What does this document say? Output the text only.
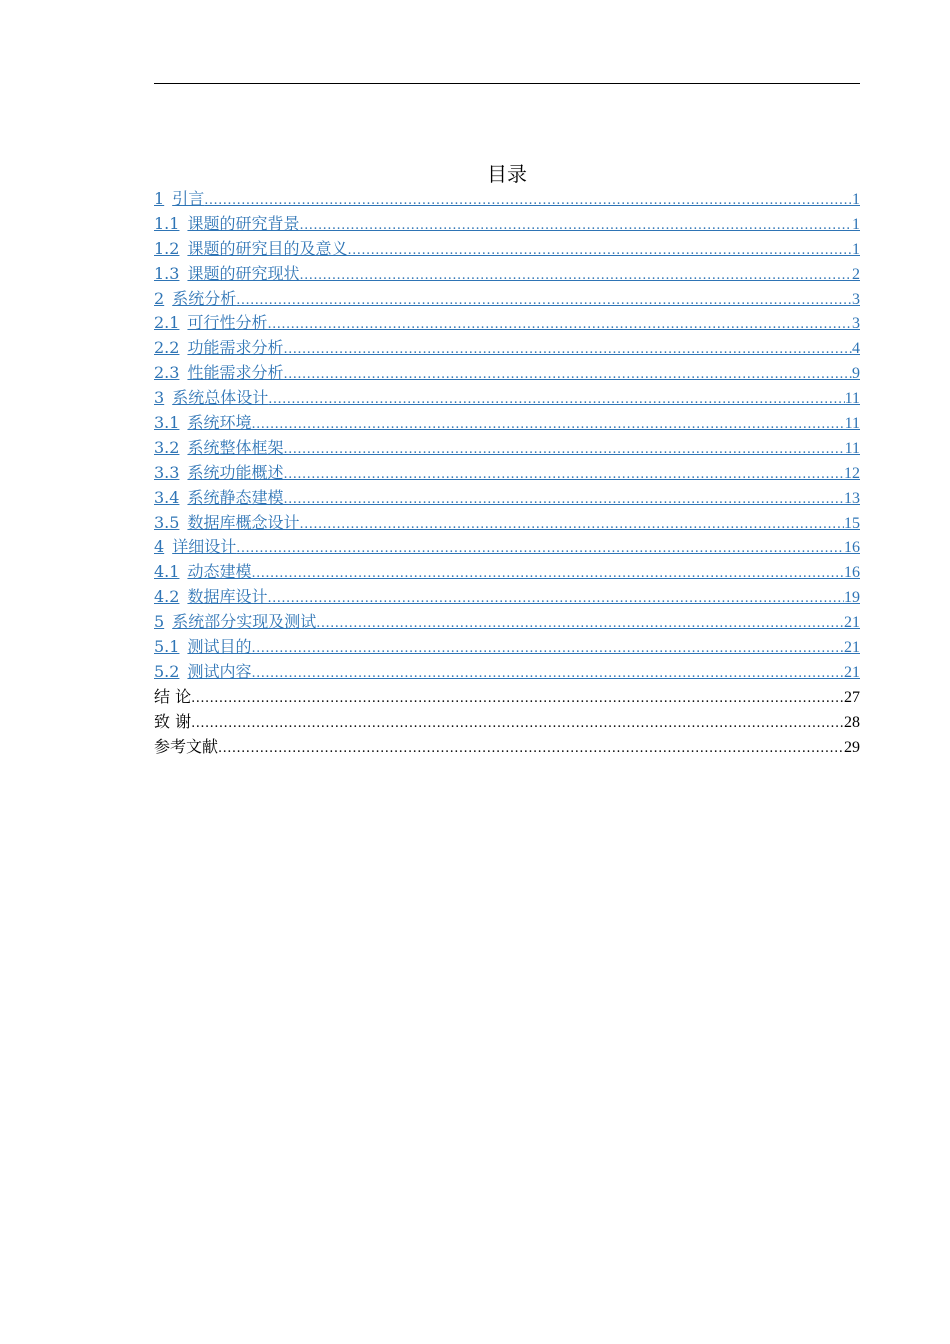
目录
1 引言 .....	1
1.1 课题的研究背景 .....	1
1.2 课题的研究目的及意义 .....	1
1.3 课题的研究现状 .....	2
2 系统分析 .....	3
2.1 可行性分析 .....	3
2.2 功能需求分析 .....	4
2.3 性能需求分析 .....	9
3 系统总体设计 .....	11
3.1 系统环境 .....	11
3.2 系统整体框架 .....	11
3.3 系统功能概述 .....	12
3.4 系统静态建模 .....	13
3.5 数据库概念设计 .....	15
4 详细设计 .....	16
4.1 动态建模 .....	16
4.2 数据库设计 .....	19
5 系统部分实现及测试 .....	21
5.1 测试目的 .....	21
5.2 测试内容 .....	21
结 论 .....	27
致 谢 .....	28
参考文献 .....	29
